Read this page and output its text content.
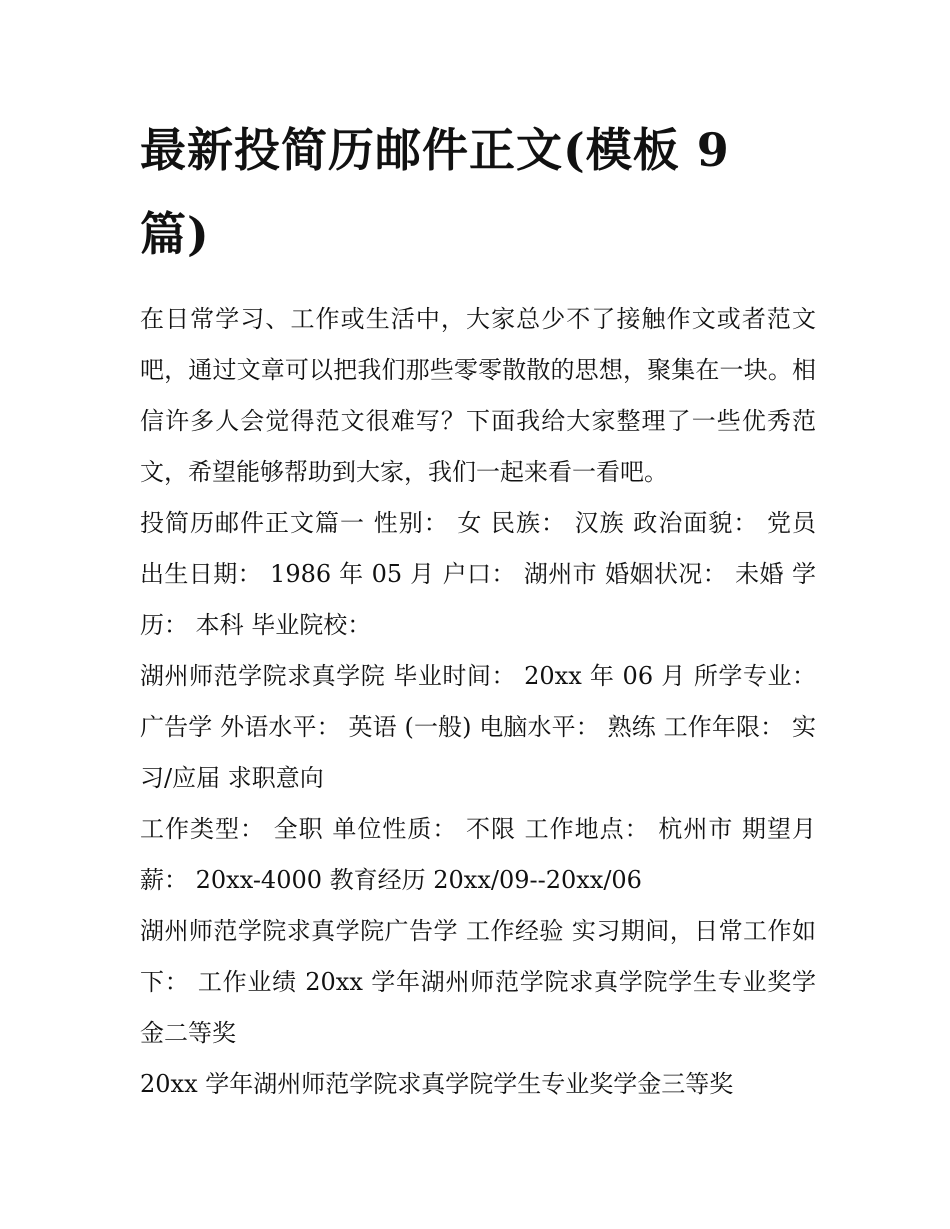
最新投简历邮件正文(模板 9 篇)

在日常学习、工作或生活中，大家总少不了接触作文或者范文吧，通过文章可以把我们那些零零散散的思想，聚集在一块。相信许多人会觉得范文很难写？下面我给大家整理了一些优秀范文，希望能够帮助到大家，我们一起来看一看吧。

投简历邮件正文篇一 性别： 女 民族： 汉族 政治面貌： 党员 出生日期： 1986 年 05 月 户口： 湖州市 婚姻状况： 未婚 学历： 本科 毕业院校：

湖州师范学院求真学院 毕业时间： 20xx 年 06 月 所学专业： 广告学 外语水平： 英语 (一般) 电脑水平： 熟练 工作年限： 实习/应届 求职意向

工作类型： 全职 单位性质： 不限 工作地点： 杭州市 期望月薪： 20xx-4000 教育经历 20xx/09--20xx/06

湖州师范学院求真学院广告学 工作经验 实习期间，日常工作如下： 工作业绩 20xx 学年湖州师范学院求真学院学生专业奖学金二等奖

20xx 学年湖州师范学院求真学院学生专业奖学金三等奖
